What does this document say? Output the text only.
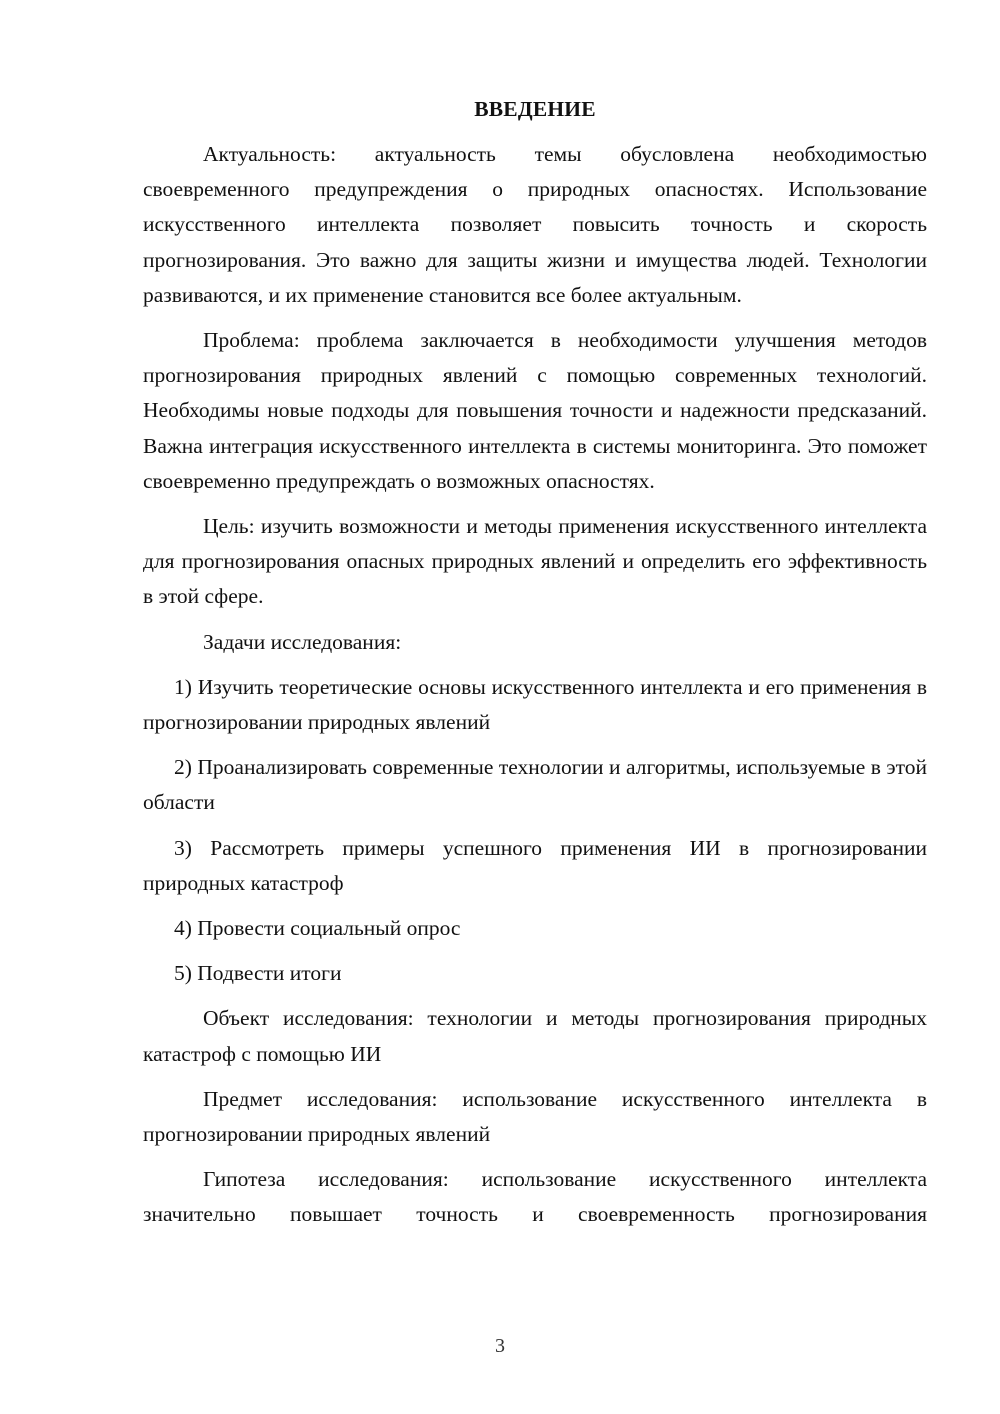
ВВЕДЕНИЕ

Актуальность: актуальность темы обусловлена необходимостью своевременного предупреждения о природных опасностях. Использование искусственного интеллекта позволяет повысить точность и скорость прогнозирования. Это важно для защиты жизни и имущества людей. Технологии развиваются, и их применение становится все более актуальным.

Проблема: проблема заключается в необходимости улучшения методов прогнозирования природных явлений с помощью современных технологий. Необходимы новые подходы для повышения точности и надежности предсказаний. Важна интеграция искусственного интеллекта в системы мониторинга. Это поможет своевременно предупреждать о возможных опасностях.

Цель: изучить возможности и методы применения искусственного интеллекта для прогнозирования опасных природных явлений и определить его эффективность в этой сфере.

Задачи исследования:

1) Изучить теоретические основы искусственного интеллекта и его применения в прогнозировании природных явлений

2) Проанализировать современные технологии и алгоритмы, используемые в этой области

3) Рассмотреть примеры успешного применения ИИ в прогнозировании природных катастроф

4) Провести социальный опрос

5) Подвести итоги

Объект исследования: технологии и методы прогнозирования природных катастроф с помощью ИИ

Предмет исследования: использование искусственного интеллекта в прогнозировании природных явлений

Гипотеза исследования: использование искусственного интеллекта значительно повышает точность и своевременность прогнозирования

3
